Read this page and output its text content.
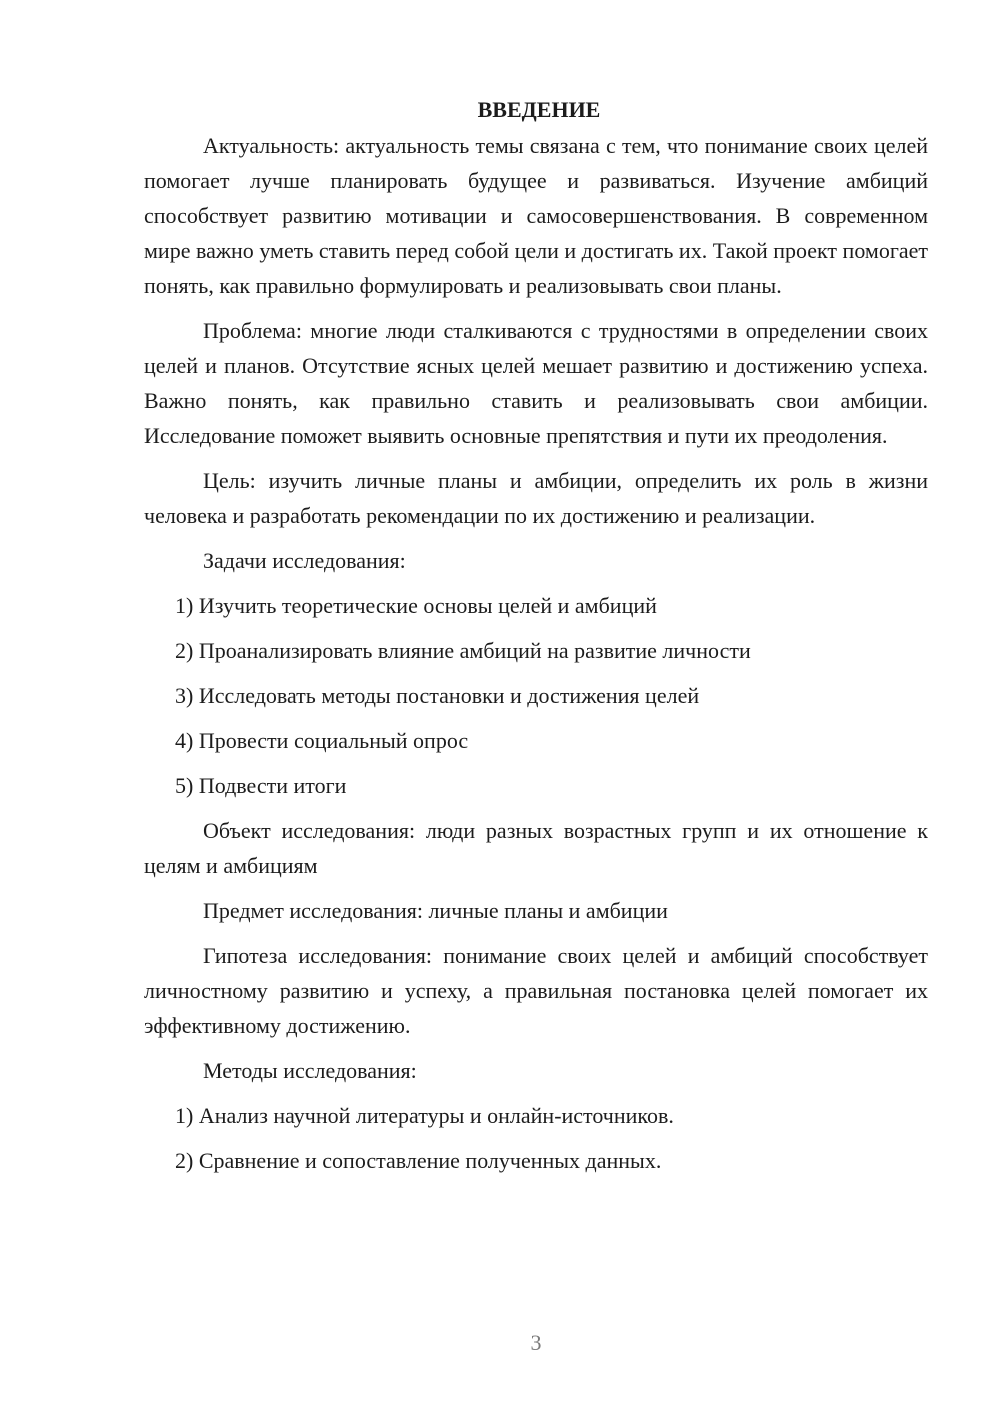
ВВЕДЕНИЕ

Актуальность: актуальность темы связана с тем, что понимание своих целей помогает лучше планировать будущее и развиваться. Изучение амбиций способствует развитию мотивации и самосовершенствования. В современном мире важно уметь ставить перед собой цели и достигать их. Такой проект помогает понять, как правильно формулировать и реализовывать свои планы.

Проблема: многие люди сталкиваются с трудностями в определении своих целей и планов. Отсутствие ясных целей мешает развитию и достижению успеха. Важно понять, как правильно ставить и реализовывать свои амбиции. Исследование поможет выявить основные препятствия и пути их преодоления.

Цель: изучить личные планы и амбиции, определить их роль в жизни человека и разработать рекомендации по их достижению и реализации.

Задачи исследования:

1) Изучить теоретические основы целей и амбиций

2) Проанализировать влияние амбиций на развитие личности

3) Исследовать методы постановки и достижения целей

4) Провести социальный опрос

5) Подвести итоги

Объект исследования: люди разных возрастных групп и их отношение к целям и амбициям

Предмет исследования: личные планы и амбиции

Гипотеза исследования: понимание своих целей и амбиций способствует личностному развитию и успеху, а правильная постановка целей помогает их эффективному достижению.

Методы исследования:

1) Анализ научной литературы и онлайн-источников.

2) Сравнение и сопоставление полученных данных.

3
